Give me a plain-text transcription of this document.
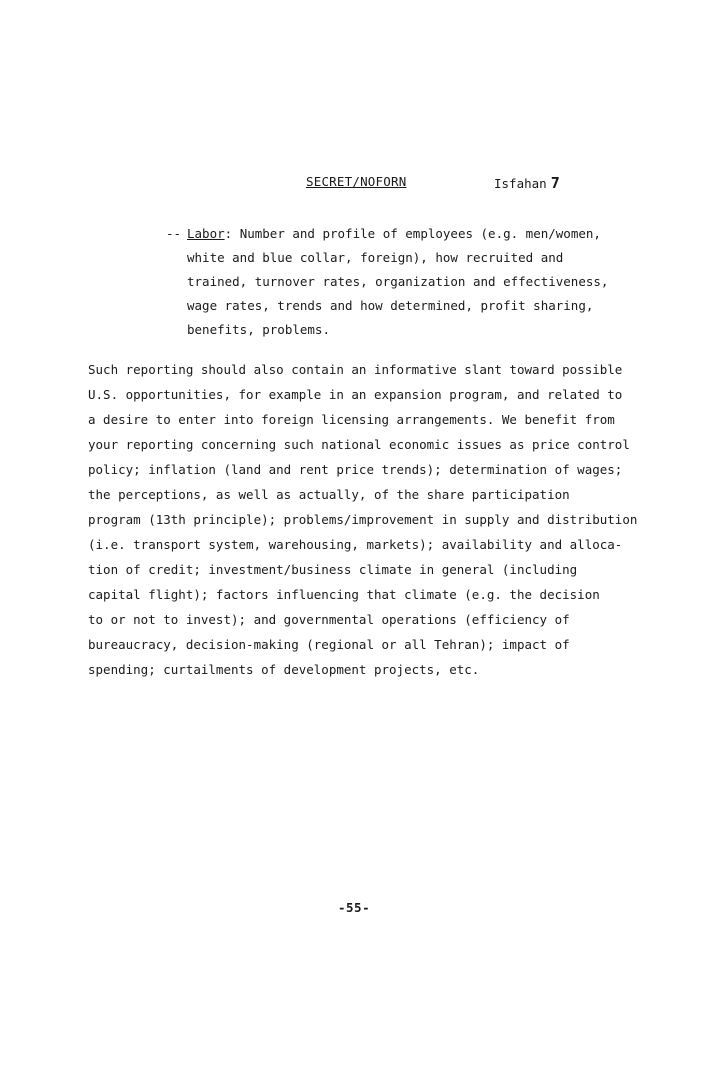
SECRET/NOFORN	Isfahan 7
-- Labor: Number and profile of employees (e.g. men/women,
white and blue collar, foreign), how recruited and
trained, turnover rates, organization and effectiveness,
wage rates, trends and how determined, profit sharing,
benefits, problems.
Such reporting should also contain an informative slant toward possible
U.S. opportunities, for example in an expansion program, and related to
a desire to enter into foreign licensing arrangements. We benefit from
your reporting concerning such national economic issues as price control
policy; inflation (land and rent price trends); determination of wages;
the perceptions, as well as actually, of the share participation
program (13th principle); problems/improvement in supply and distribution
(i.e. transport system, warehousing, markets); availability and alloca-
tion of credit; investment/business climate in general (including
capital flight); factors influencing that climate (e.g. the decision
to or not to invest); and governmental operations (efficiency of
bureaucracy, decision-making (regional or all Tehran); impact of
spending; curtailments of development projects, etc.
-55-
